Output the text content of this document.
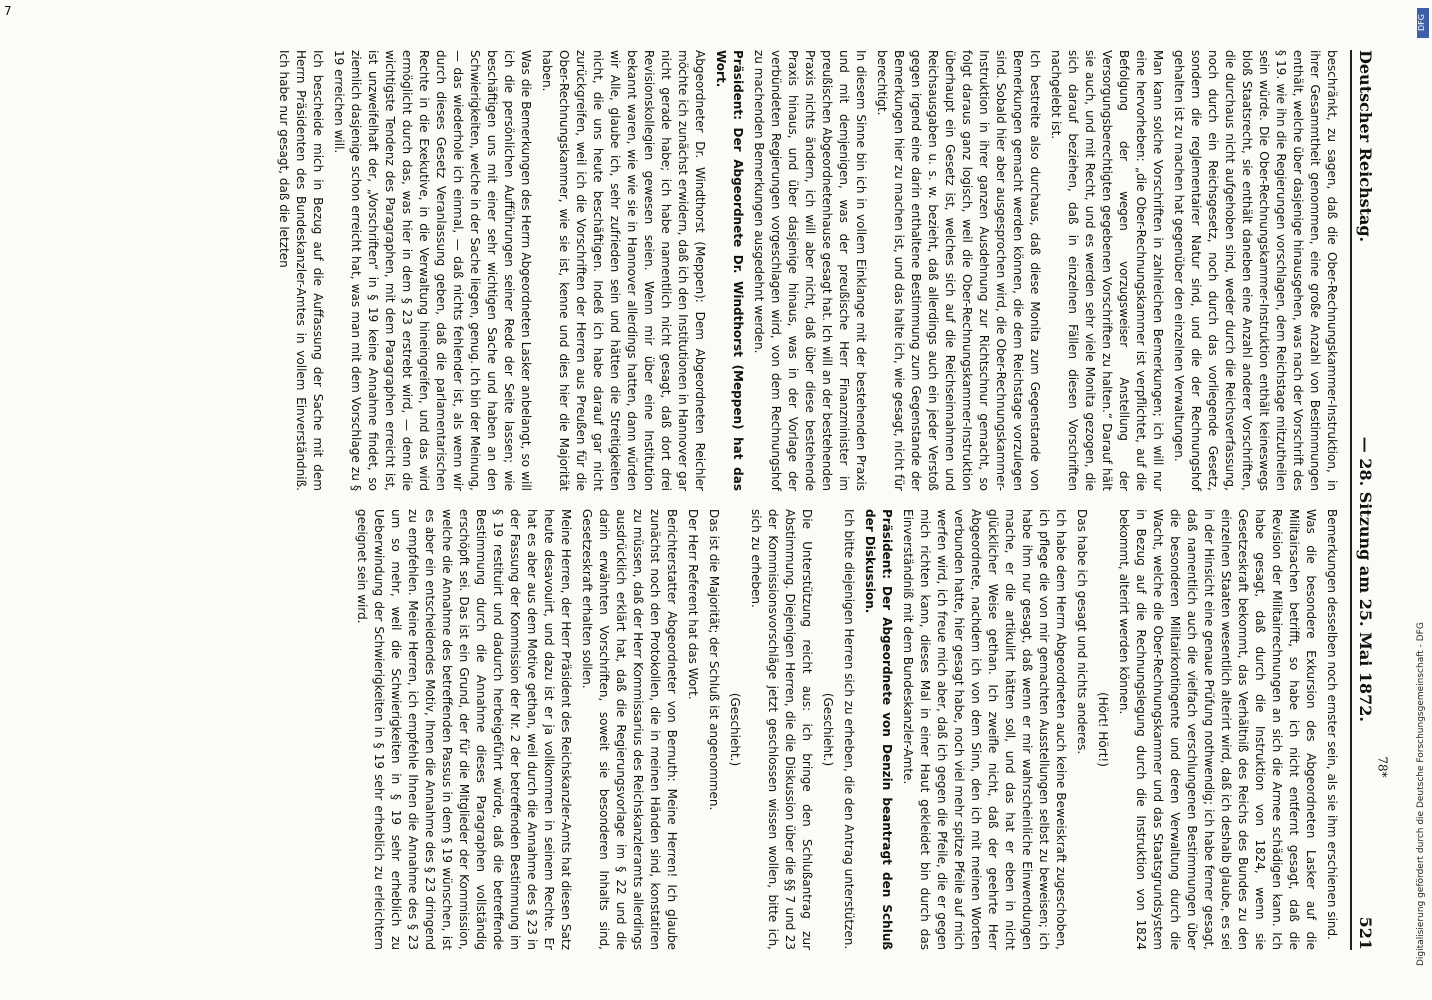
7
Deutscher Reichstag.
— 28. Sitzung am 25. Mai 1872.
521

beschränkt, zu sagen, daß die Ober-Rechnungskammer-Instruktion, in ihrer Gesammtheit genommen, eine große Anzahl von Bestimmungen enthält, welche über dasjenige hinausgehen, was nach der Vorschrift des § 19. wie ihn die Regierungen vorschlagen, dem Reichstage mitzutheilen sein würde. Die Ober-Rechnungskammer-Instruktion enthält keineswegs bloß Staatsrecht, sie enthält daneben eine Anzahl anderer Vorschriften, die durchaus nicht aufgehoben sind, weder durch die Reichsverfassung, noch durch ein Reichsgesetz, noch durch das vorliegende Gesetz, sondern die reglementairer Natur sind, und die der Rechnungshof gehalten ist zu machen hat gegenüber den einzelnen Verwaltungen.

Man kann solche Vorschriften in zahlreichen Bemerkungen; ich will nur eine hervorheben: „die Ober-Rechnungskammer ist verpflichtet, auf die Befolgung der wegen vorzugsweiser Anstellung der Versorgungsberechtigten gegebenen Vorschriften zu halten.“ Darauf hält sie auch, und mit Recht, und es werden sehr viele Monita gezogen, die sich darauf beziehen, daß in einzelnen Fällen diesen Vorschriften nachgelebt ist.

Ich bestreite also durchaus, daß diese Monita zum Gegenstande von Bemerkungen gemacht werden können, die dem Reichstage vorzulegen sind. Sobald hier aber ausgesprochen wird, die Ober-Rechnungskammer-Instruktion in ihrer ganzen Ausdehnung zur Richtschnur gemacht, so folgt daraus ganz logisch, weil die Ober-Rechnungskammer-Instruktion überhaupt ein Gesetz ist, welches sich auf die Reichseinnahmen und Reichsausgaben u. s. w. bezieht, daß allerdings auch ein jeder Verstoß gegen irgend eine darin enthaltene Bestimmung zum Gegenstande der Bemerkungen hier zu machen ist, und das halte ich, wie gesagt, nicht für berechtigt.

In diesem Sinne bin ich in vollem Einklange mit der bestehenden Praxis und mit demjenigen, was der preußische Herr Finanzminister im preußischen Abgeordnetenhause gesagt hat. Ich will an der bestehenden Praxis nichts ändern, ich will aber nicht, daß über diese bestehende Praxis hinaus, und über dasjenige hinaus, was in der Vorlage der verbündeten Regierungen vorgeschlagen wird, von dem Rechnungshof zu machenden Bemerkungen ausgedehnt werden.

Präsident: Der Abgeordnete Dr. Windthorst (Meppen) hat das Wort.

Abgeordneter Dr. Windthorst (Meppen): Dem Abgeordneten Reichler möchte ich zunächst erwidern, daß ich den Institutionen in Hannover gar nicht gerade habe; ich habe namentlich nicht gesagt, daß dort drei Revisionskollegien gewesen seien. Wenn mir über eine Institution bekannt waren, wie wie sie in Hannover allerdings hatten, dann würden wir Alle, glaube ich, sehr zufrieden sein und hätten die Streitigkeiten nicht, die uns heute beschäftigen. Indeß ich habe darauf gar nicht zurückgreifen, weil ich die Vorschriften der Herren aus Preußen für die Ober-Rechnungskammer, wie sie ist, kenne und dies hier die Majorität haben.

Was die Bemerkungen des Herrn Abgeordneten Lasker anbelangt, so will ich die persönlichen Aufführungen seiner Rede der Seite lassen; wie beschäftigen uns mit einer sehr wichtigen Sache und haben an den Schwierigkeiten, welche in der Sache liegen, genug. Ich bin der Meinung, — das wiederhole ich einmal, — daß nichts fehlender ist, als wenn wir durch dieses Gesetz Veranlassung geben, daß die parlamentarischen Rechte in die Exekutive, in die Verwaltung hineingreifen, und das wird ermöglicht durch das, was hier in dem § 23 erstrebt wird, — denn die wichtigste Tendenz des Paragraphen, mit dem Paragraphen erreicht ist, ist unzweifelhaft der, „Vorschriften“ in § 19 keine Annahme findet, so ziemlich dasjenige schon erreicht hat, was man mit dem Vorschlage zu § 19 erreichen will.

Ich bescheide mich in Bezug auf die Auffassung der Sache mit dem Herrn Präsidenten des Bundeskanzler-Amtes in vollem Einverständniß. Ich habe nur gesagt, daß die letzten

Bemerkungen desselben noch ernster sein, als sie ihm erschienen sind.

Was die besondere Exkursion des Abgeordneten Lasker auf die Militairsachen betrifft, so habe ich nicht entfernt gesagt, daß die Revision der Militairrechnungen an sich die Armee schädigen kann. Ich habe gesagt, daß durch die Instruktion von 1824, wenn sie Gesetzeskraft bekommt, das Verhältniß des Reichs des Bundes zu den einzelnen Staaten wesentlich alterirt wird, daß ich deshalb glaube, es sei in der Hinsicht eine genaue Prüfung nothwendig; ich habe ferner gesagt, daß namentlich auch die vielfach verschlungenen Bestimmungen über die besonderen Militairkontingente und deren Verwaltung durch die Wacht, welche die Ober-Rechnungskammer und das Staatsgrundsystem in Bezug auf die Rechnungslegung durch die Instruktion von 1824 bekommt, alterirt werden können.

(Hört! Hört!)

Das habe ich gesagt und nichts anderes.

Ich habe dem Herrn Abgeordneten auch keine Beweiskraft zugeschoben, ich pflege die von mir gemachten Ausstellungen selbst zu beweisen; ich habe ihm nur gesagt, daß wenn er mir wahrscheinliche Einwendungen mache, er die artikulirt hätten soll, und das hat er eben in nicht glücklicher Weise gethan. Ich zweifle nicht, daß der geehrte Herr Abgeordnete, nachdem ich von dem Sinn, den ich mit meinen Worten verbunden hatte, hier gesagt habe, noch viel mehr spitze Pfeile auf mich werfen wird, ich freue mich aber, daß ich gegen die Pfeile, die er gegen mich richten kann, dieses Mal in einer Haut gekleidet bin durch das Einverständniß mit dem Bundeskanzler-Amte.

Präsident: Der Abgeordnete von Denzin beantragt den Schluß der Diskussion.

Ich bitte diejenigen Herren sich zu erheben, die den Antrag unterstützen.

(Geschieht.)

Die Unterstützung reicht aus: ich bringe den Schlußantrag zur Abstimmung. Diejenigen Herren, die die Diskussion über die §§ 7 und 23 der Kommissionsvorschläge jetzt geschlossen wissen wollen, bitte ich, sich zu erheben.

(Geschieht.)

Das ist die Majorität; der Schluß ist angenommen.

Der Herr Referent hat das Wort.

Berichterstatter Abgeordneter von Bernuth: Meine Herren! Ich glaube zunächst noch den Protokollen, die in meinen Händen sind, konstatiren zu müssen, daß der Herr Kommissarius des Reichskanzleramts allerdings ausdrücklich erklärt hat, daß die Regierungsvorlage im § 22 und die darin erwähnten Vorschriften, soweit sie besonderen Inhalts sind, Gesetzeskraft erhalten sollen.

Meine Herren, der Herr Präsident des Reichskanzler-Amts hat diesen Satz heute desavouirt, und dazu ist er ja vollkommen in seinem Rechte. Er hat es aber aus dem Motive gethan, weil durch die Annahme des § 23 in der Fassung der Kommission der Nr. 2 der betreffenden Bestimmung im § 19 restituirt und dadurch herbeigeführt würde, daß die betreffende Bestimmung durch die Annahme dieses Paragraphen vollständig erschöpft sei. Das ist ein Grund, der für die Mitglieder der Kommission, welche die Annahme des betreffenden Passus in dem § 19 wünschen, ist es aber ein entscheidendes Motiv, Ihnen die Annahme des § 23 dringend zu empfehlen. Meine Herren, ich empfehle Ihnen die Annahme des § 23 um so mehr, weil die Schwierigkeiten in § 19 sehr erheblich zu Ueberwindung der Schwierigkeiten in § 19 sehr erheblich zu erleichtern geeignet sein wird.

78*
DFG
Digitalisierung gefördert durch die Deutsche Forschungsgemeinschaft - DFG
